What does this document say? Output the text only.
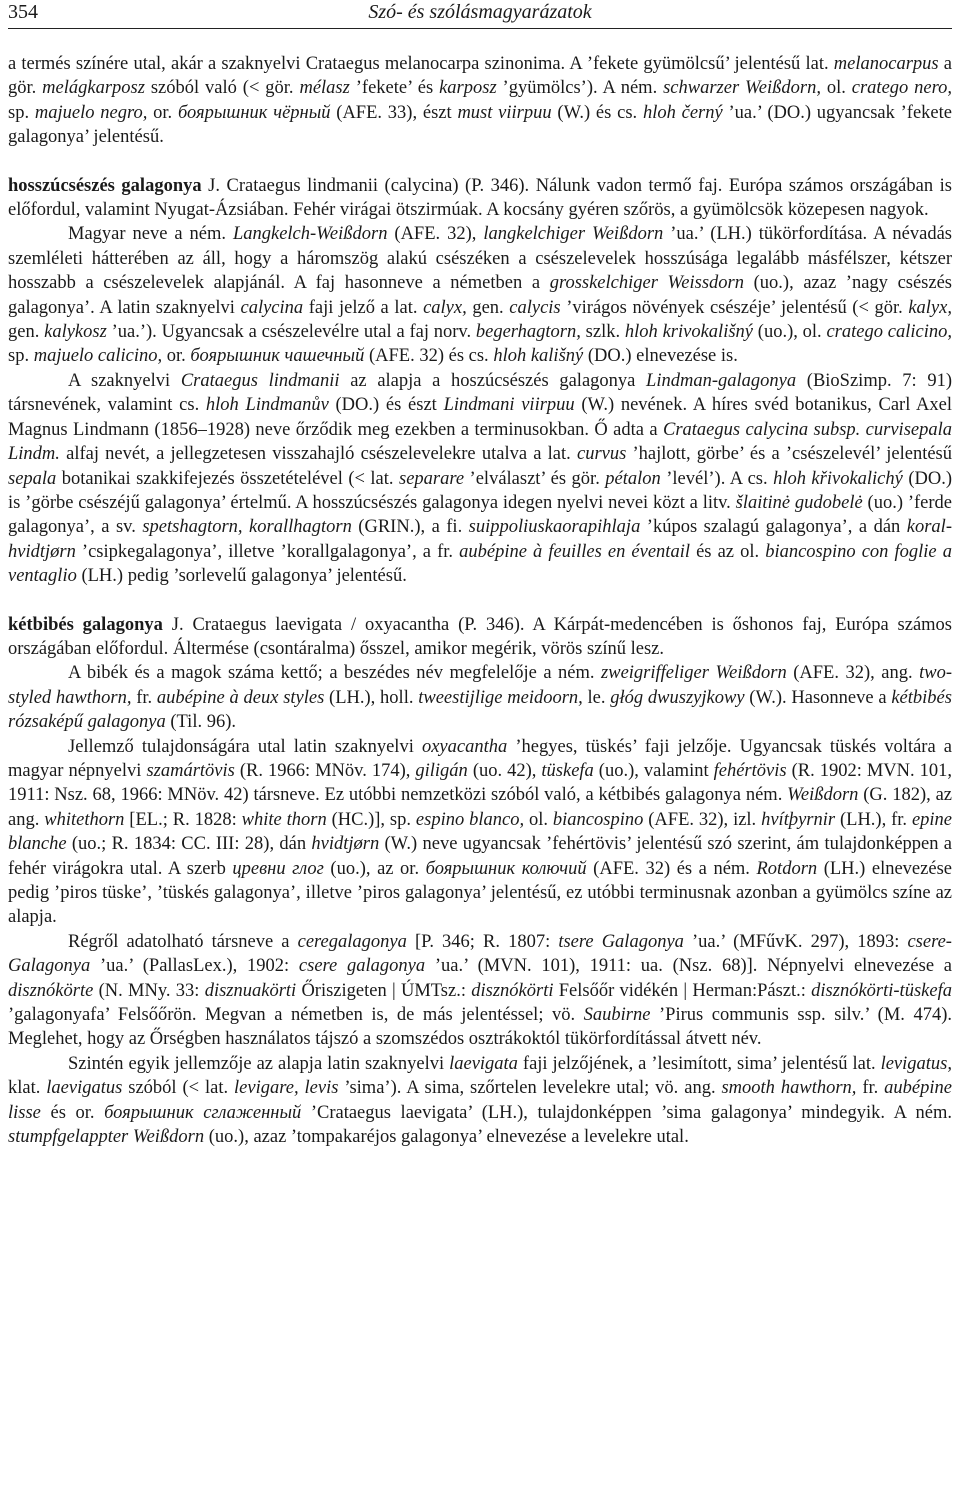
354	Szó- és szólásmagyarázatok

a termés színére utal, akár a szaknyelvi Crataegus melanocarpa szinonima. A ’fekete gyümölcsű’ jelentésű lat. melanocarpus a gör. melágkarposz szóból való (< gör. mélasz ’fekete’ és karposz ’gyümölcs’). A ném. schwarzer Weißdorn, ol. cratego nero, sp. majuelo negro, or. боярышник чёрный (AFE. 33), észt must viirpuu (W.) és cs. hloh černý ’ua.’ (DO.) ugyancsak ’fekete galagonya’ jelentésű.

hosszúcsészés galagonya J. Crataegus lindmanii (calycina) (P. 346). Nálunk vadon termő faj. Európa számos országában is előfordul, valamint Nyugat-Ázsiában. Fehér virágai ötszirmúak. A kocsány gyéren szőrös, a gyümölcsök közepesen nagyok.

Magyar neve a ném. Langkelch-Weißdorn (AFE. 32), langkelchiger Weißdorn ’ua.’ (LH.) tükörfordítása. A névadás szemléleti hátterében az áll, hogy a háromszög alakú csészéken a csészelevelek hosszúsága legalább másfélszer, kétszer hosszabb a csészelevelek alapjánál. A faj hasonneve a németben a grosskelchiger Weissdorn (uo.), azaz ’nagy csészés galagonya’. A latin szaknyelvi calycina faji jelző a lat. calyx, gen. calycis ’virágos növények csészéje’ jelentésű (< gör. kalyx, gen. kalykosz ’ua.’). Ugyancsak a csészelevélre utal a faj norv. begerhagtorn, szlk. hloh krivokališný (uo.), ol. cratego calicino, sp. majuelo calicino, or. боярышник чашечный (AFE. 32) és cs. hloh kališný (DO.) elnevezése is.

A szaknyelvi Crataegus lindmanii az alapja a hoszúcsészés galagonya Lindman-galagonya (BioSzimp. 7: 91) társnevének, valamint cs. hloh Lindmanův (DO.) és észt Lindmani viirpuu (W.) nevének. A híres svéd botanikus, Carl Axel Magnus Lindmann (1856–1928) neve őrződik meg ezekben a terminusokban. Ő adta a Crataegus calycina subsp. curvisepala Lindm. alfaj nevét, a jellegzetesen visszahajló csészelevelekre utalva a lat. curvus ’hajlott, görbe’ és a ’csészelevél’ jelentésű sepala botanikai szakkifejezés összetételével (< lat. separare ’elválaszt’ és gör. pétalon ’levél’). A cs. hloh křivokalichý (DO.) is ’görbe csészéjű galagonya’ értelmű. A hosszúcsészés galagonya idegen nyelvi nevei közt a litv. šlaitinė gudobelė (uo.) ’ferde galagonya’, a sv. spetshagtorn, korallhagtorn (GRIN.), a fi. suippoliuskaorapihlaja ’kúpos szalagú galagonya’, a dán koral-hvidtjørn ’csipkegalagonya’, illetve ’korallgalagonya’, a fr. aubépine à feuilles en éventail és az ol. biancospino con foglie a ventaglio (LH.) pedig ’sorlevelű galagonya’ jelentésű.

kétbibés galagonya J. Crataegus laevigata / oxyacantha (P. 346). A Kárpát-medencében is őshonos faj, Európa számos országában előfordul. Áltermése (csontáralma) ősszel, amikor megérik, vörös színű lesz.

A bibék és a magok száma kettő; a beszédes név megfelelője a ném. zweigriffeliger Weißdorn (AFE. 32), ang. two-styled hawthorn, fr. aubépine à deux styles (LH.), holl. tweestijlige meidoorn, le. głóg dwuszyjkowy (W.). Hasonneve a kétbibés rózsaképű galagonya (Til. 96).

Jellemző tulajdonságára utal latin szaknyelvi oxyacantha ’hegyes, tüskés’ faji jelzője. Ugyancsak tüskés voltára a magyar népnyelvi szamártövis (R. 1966: MNöv. 174), giligán (uo. 42), tüskefa (uo.), valamint fehértövis (R. 1902: MVN. 101, 1911: Nsz. 68, 1966: MNöv. 42) társneve. Ez utóbbi nemzetközi szóból való, a kétbibés galagonya ném. Weißdorn (G. 182), az ang. whitethorn [EL.; R. 1828: white thorn (HC.)], sp. espino blanco, ol. biancospino (AFE. 32), izl. hvítþyrnir (LH.), fr. epine blanche (uo.; R. 1834: CC. III: 28), dán hvidtjørn (W.) neve ugyancsak ’fehértövis’ jelentésű szó szerint, ám tulajdonképpen a fehér virágokra utal. A szerb цревни глог (uo.), az or. боярышник колючий (AFE. 32) és a ném. Rotdorn (LH.) elnevezése pedig ’piros tüske’, ’tüskés galagonya’, illetve ’piros galagonya’ jelentésű, ez utóbbi terminusnak azonban a gyümölcs színe az alapja.

Régről adatolható társneve a ceregalagonya [P. 346; R. 1807: tsere Galagonya ’ua.’ (MFűvK. 297), 1893: csere-Galagonya ’ua.’ (PallasLex.), 1902: csere galagonya ’ua.’ (MVN. 101), 1911: ua. (Nsz. 68)]. Népnyelvi elnevezése a disznókörte (N. MNy. 33: disznuakörti Őriszigeten | ÚMTsz.: disznókörti Felsőőr vidékén | Herman:Pászt.: disznókörti-tüskefa ’galagonyafa’ Felsőőrön. Megvan a németben is, de más jelentéssel; vö. Saubirne ’Pirus communis ssp. silv.’ (M. 474). Meglehet, hogy az Őrségben használatos tájszó a szomszédos osztrákoktól tükörfordítással átvett név.

Szintén egyik jellemzője az alapja latin szaknyelvi laevigata faji jelzőjének, a ’lesimított, sima’ jelentésű lat. levigatus, klat. laevigatus szóból (< lat. levigare, levis ’sima’). A sima, szőrtelen levelekre utal; vö. ang. smooth hawthorn, fr. aubépine lisse és or. боярышник сглаженный ’Crataegus laevigata’ (LH.), tulajdonképpen ’sima galagonya’ mindegyik. A ném. stumpfgelappter Weißdorn (uo.), azaz ’tompakaréjos galagonya’ elnevezése a levelekre utal.
